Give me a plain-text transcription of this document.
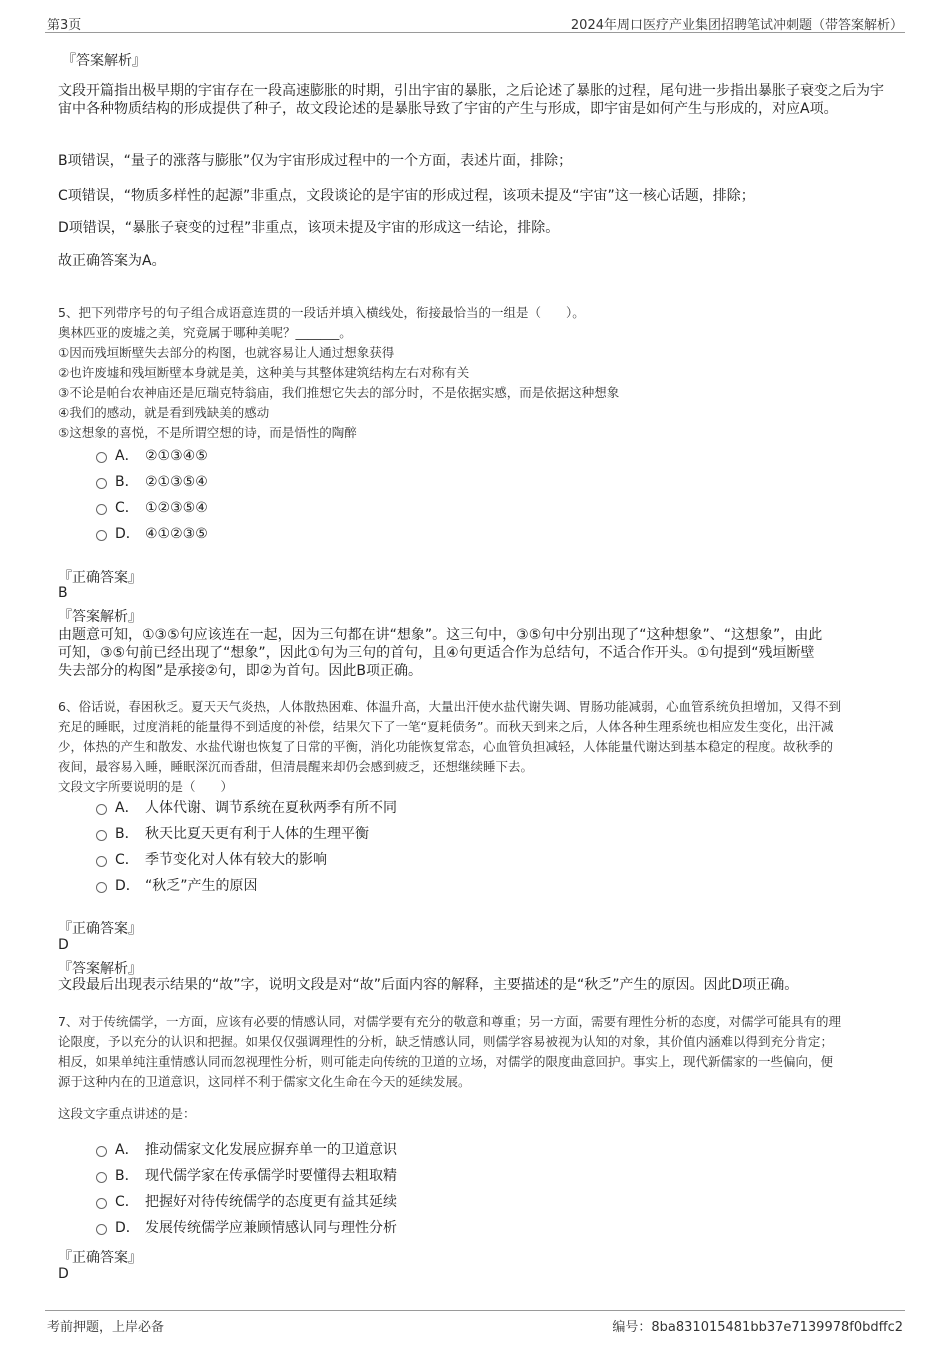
第3页	2024年周口医疗产业集团招聘笔试冲刺题（带答案解析）
『答案解析』
文段开篇指出极早期的宇宙存在一段高速膨胀的时期，引出宇宙的暴胀，之后论述了暴胀的过程，尾句进一步指出暴胀子衰变之后为宇宙中各种物质结构的形成提供了种子，故文段论述的是暴胀导致了宇宙的产生与形成，即宇宙是如何产生与形成的，对应A项。
B项错误，“量子的涨落与膨胀”仅为宇宙形成过程中的一个方面，表述片面，排除；
C项错误，“物质多样性的起源”非重点，文段谈论的是宇宙的形成过程，该项未提及“宇宙”这一核心话题，排除；
D项错误，“暴胀子衰变的过程”非重点，该项未提及宇宙的形成这一结论，排除。
故正确答案为A。
5、把下列带序号的句子组合成语意连贯的一段话并填入横线处，衔接最恰当的一组是（　　）。
奥林匹亚的废墟之美，究竟属于哪种美呢？_______。
①因而残垣断壁失去部分的构图，也就容易让人通过想象获得
②也许废墟和残垣断壁本身就是美，这种美与其整体建筑结构左右对称有关
③不论是帕台农神庙还是厄瑞克特翁庙，我们推想它失去的部分时，不是依据实感，而是依据这种想象
④我们的感动，就是看到残缺美的感动
⑤这想象的喜悦，不是所谓空想的诗，而是悟性的陶醉
A． ②①③④⑤
B． ②①③⑤④
C． ①②③⑤④
D． ④①②③⑤
『正确答案』
B
『答案解析』
由题意可知，①③⑤句应该连在一起，因为三句都在讲“想象”。这三句中，③⑤句中分别出现了“这种想象”、“这想象”，由此
可知，③⑤句前已经出现了“想象”，因此①句为三句的首句，且④句更适合作为总结句，不适合作开头。①句提到“残垣断壁
失去部分的构图”是承接②句，即②为首句。因此B项正确。
6、俗话说，春困秋乏。夏天天气炎热，人体散热困难、体温升高，大量出汗使水盐代谢失调、胃肠功能减弱，心血管系统负担增加，又得不到
充足的睡眠，过度消耗的能量得不到适度的补偿，结果欠下了一笔“夏耗债务”。而秋天到来之后，人体各种生理系统也相应发生变化，出汗减
少，体热的产生和散发、水盐代谢也恢复了日常的平衡，消化功能恢复常态，心血管负担减轻，人体能量代谢达到基本稳定的程度。故秋季的
夜间，最容易入睡，睡眠深沉而香甜，但清晨醒来却仍会感到疲乏，还想继续睡下去。
文段文字所要说明的是（　　）
A． 人体代谢、调节系统在夏秋两季有所不同
B． 秋天比夏天更有利于人体的生理平衡
C． 季节变化对人体有较大的影响
D． “秋乏”产生的原因
『正确答案』
D
『答案解析』
文段最后出现表示结果的“故”字，说明文段是对“故”后面内容的解释，主要描述的是“秋乏”产生的原因。因此D项正确。
7、对于传统儒学，一方面，应该有必要的情感认同，对儒学要有充分的敬意和尊重；另一方面，需要有理性分析的态度，对儒学可能具有的理
论限度，予以充分的认识和把握。如果仅仅强调理性的分析，缺乏情感认同，则儒学容易被视为认知的对象，其价值内涵难以得到充分肯定；
相反，如果单纯注重情感认同而忽视理性分析，则可能走向传统的卫道的立场，对儒学的限度曲意回护。事实上，现代新儒家的一些偏向，便
源于这种内在的卫道意识，这同样不利于儒家文化生命在今天的延续发展。
这段文字重点讲述的是：
A． 推动儒家文化发展应摒弃单一的卫道意识
B． 现代儒学家在传承儒学时要懂得去粗取精
C． 把握好对待传统儒学的态度更有益其延续
D． 发展传统儒学应兼顾情感认同与理性分析
『正确答案』
D
考前押题，上岸必备	编号：8ba831015481bb37e7139978f0bdffc2
